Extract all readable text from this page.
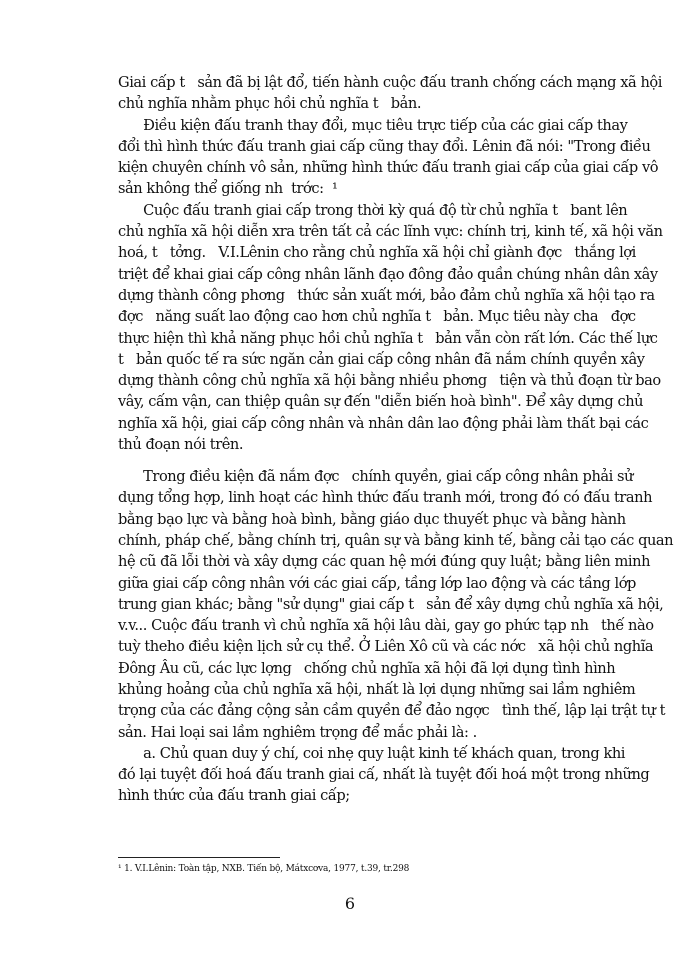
Giai cấp t   sản đã bị lật đổ, tiến hành cuộc đấu tranh chống cách mạng xã hội
chủ nghĩa nhằm phục hồi chủ nghĩa t   bản.
Điều kiện đấu tranh thay đổi, mục tiêu trực tiếp của các giai cấp thay
đổi thì hình thức đấu tranh giai cấp cũng thay đổi. Lênin đã nói: "Trong điều
kiện chuyên chính vô sản, những hình thức đấu tranh giai cấp của giai cấp vô
sản không thể giống nh  trớc:  ¹
Cuộc đấu tranh giai cấp trong thời kỳ quá độ từ chủ nghĩa t   bant lên
chủ nghĩa xã hội diễn xra trên tất cả các lĩnh vực: chính trị, kinh tế, xã hội văn
hoá, t   tởng.   V.I.Lênin cho rằng chủ nghĩa xã hội chỉ giành đợc   thắng lợi
triệt để khai giai cấp công nhân lãnh đạo đông đảo quần chúng nhân dân xây
dựng thành công phơng   thức sản xuất mới, bảo đảm chủ nghĩa xã hội tạo ra
đợc   năng suất lao động cao hơn chủ nghĩa t   bản. Mục tiêu này cha   đợc
thực hiện thì khả năng phục hồi chủ nghĩa t   bản vẫn còn rất lớn. Các thế lực
t   bản quốc tế ra sức ngăn cản giai cấp công nhân đã nắm chính quyền xây
dựng thành công chủ nghĩa xã hội bằng nhiều phơng   tiện và thủ đoạn từ bao
vây, cấm vận, can thiệp quân sự đến "diễn biến hoà bình". Để xây dựng chủ
nghĩa xã hội, giai cấp công nhân và nhân dân lao động phải làm thất bại các
thủ đoạn nói trên.
Trong điều kiện đã nắm đợc   chính quyền, giai cấp công nhân phải sử
dụng tổng hợp, linh hoạt các hình thức đấu tranh mới, trong đó có đấu tranh
bằng bạo lực và bằng hoà bình, bằng giáo dục thuyết phục và bằng hành
chính, pháp chế, bằng chính trị, quân sự và bằng kinh tế, bằng cải tạo các quan
hệ cũ đã lỗi thời và xây dựng các quan hệ mới đúng quy luật; bằng liên minh
giữa giai cấp công nhân với các giai cấp, tầng lớp lao động và các tầng lớp
trung gian khác; bằng "sử dụng" giai cấp t   sản để xây dựng chủ nghĩa xã hội,
v.v... Cuộc đấu tranh vì chủ nghĩa xã hội lâu dài, gay go phức tạp nh   thế nào
tuỳ theho điều kiện lịch sử cụ thể. Ở Liên Xô cũ và các nớc   xã hội chủ nghĩa
Đông Âu cũ, các lực lợng   chống chủ nghĩa xã hội đã lợi dụng tình hình
khủng hoảng của chủ nghĩa xã hội, nhất là lợi dụng những sai lầm nghiêm
trọng của các đảng cộng sản cầm quyền để đảo ngợc   tình thế, lập lại trật tự t
sản. Hai loại sai lầm nghiêm trọng để mắc phải là: .
a. Chủ quan duy ý chí, coi nhẹ quy luật kinh tế khách quan, trong khi
đó lại tuyệt đối hoá đấu tranh giai cấ, nhất là tuyệt đối hoá một trong những
hình thức của đấu tranh giai cấp;
¹ 1. V.I.Lênin: Toàn tập, NXB. Tiến bộ, Mátxcơva, 1977, t.39, tr.298
6
